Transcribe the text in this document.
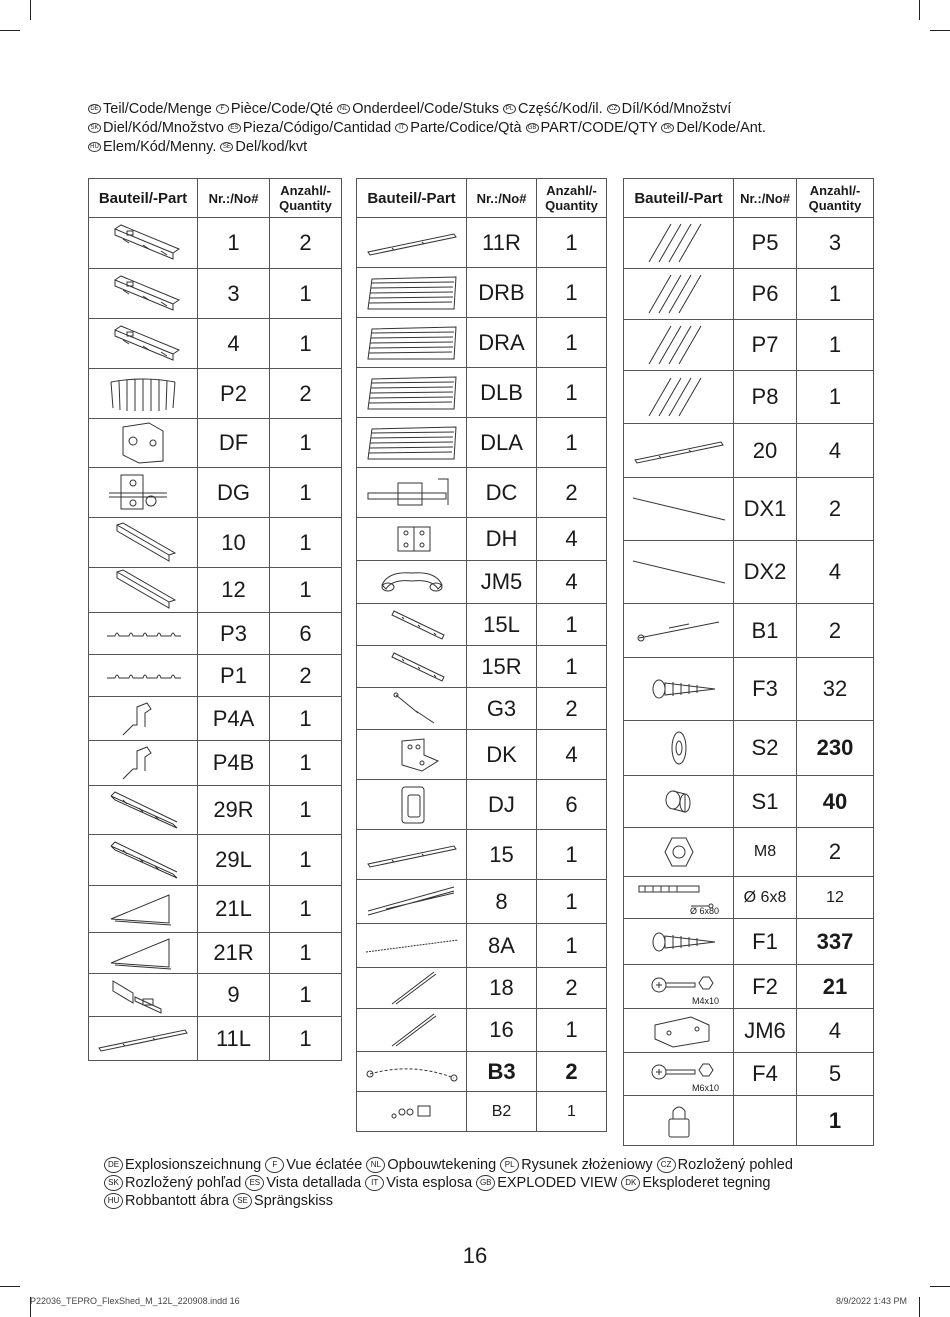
DE Teil/Code/Menge F Pièce/Code/Qté NL Onderdeel/Code/Stuks PL Część/Kod/il. CZ Díl/Kód/Množství
SK Diel/Kód/Množstvo ES Pieza/Código/Cantidad IT Parte/Codice/Qtà GB PART/CODE/QTY DK Del/Kode/Ant.
HU Elem/Kód/Menny. SE Del/kod/kvt
Bauteil/-Part	Nr.:/No#	Anzahl/-
Quantity

	1	2

	3	1

	4	1

	P2	2

	DF	1

	DG	1

	10	1

	12	1

	P3	6

	P1	2

	P4A	1

	P4B	1

	29R	1

	29L	1

	21L	1

	21R	1

	9	1

	11L	1
Bauteil/-Part	Nr.:/No#	Anzahl/-
Quantity

	11R	1

	DRB	1

	DRA	1

	DLB	1

	DLA	1

	DC	2

	DH	4

	JM5	4

	15L	1

	15R	1

	G3	2

	DK	4

	DJ	6

	15	1

	8	1

	8A	1

	18	2

	16	1

	B3	2

	B2	1
Bauteil/-Part	Nr.:/No#	Anzahl/-
Quantity

	P5	3

	P6	1

	P7	1

	P8	1

	20	4

	DX1	2

	DX2	4

	B1	2

	F3	32

	S2	230

	S1	40

	M8	2

Ø 6x80	Ø 6x8	12

	F1	337

M4x10	F2	21

	JM6	4

M6x10	F4	5

		1
DE Explosionszeichnung F Vue éclatée NL Opbouwtekening PL Rysunek złożeniowy CZ Rozložený pohled
SK Rozložený pohľad ES Vista detallada IT Vista esplosa GB EXPLODED VIEW DK Eksploderet tegning
HU Robbantott ábra SE Sprängskiss
16
P22036_TEPRO_FlexShed_M_12L_220908.indd 16	8/9/2022 1:43 PM
